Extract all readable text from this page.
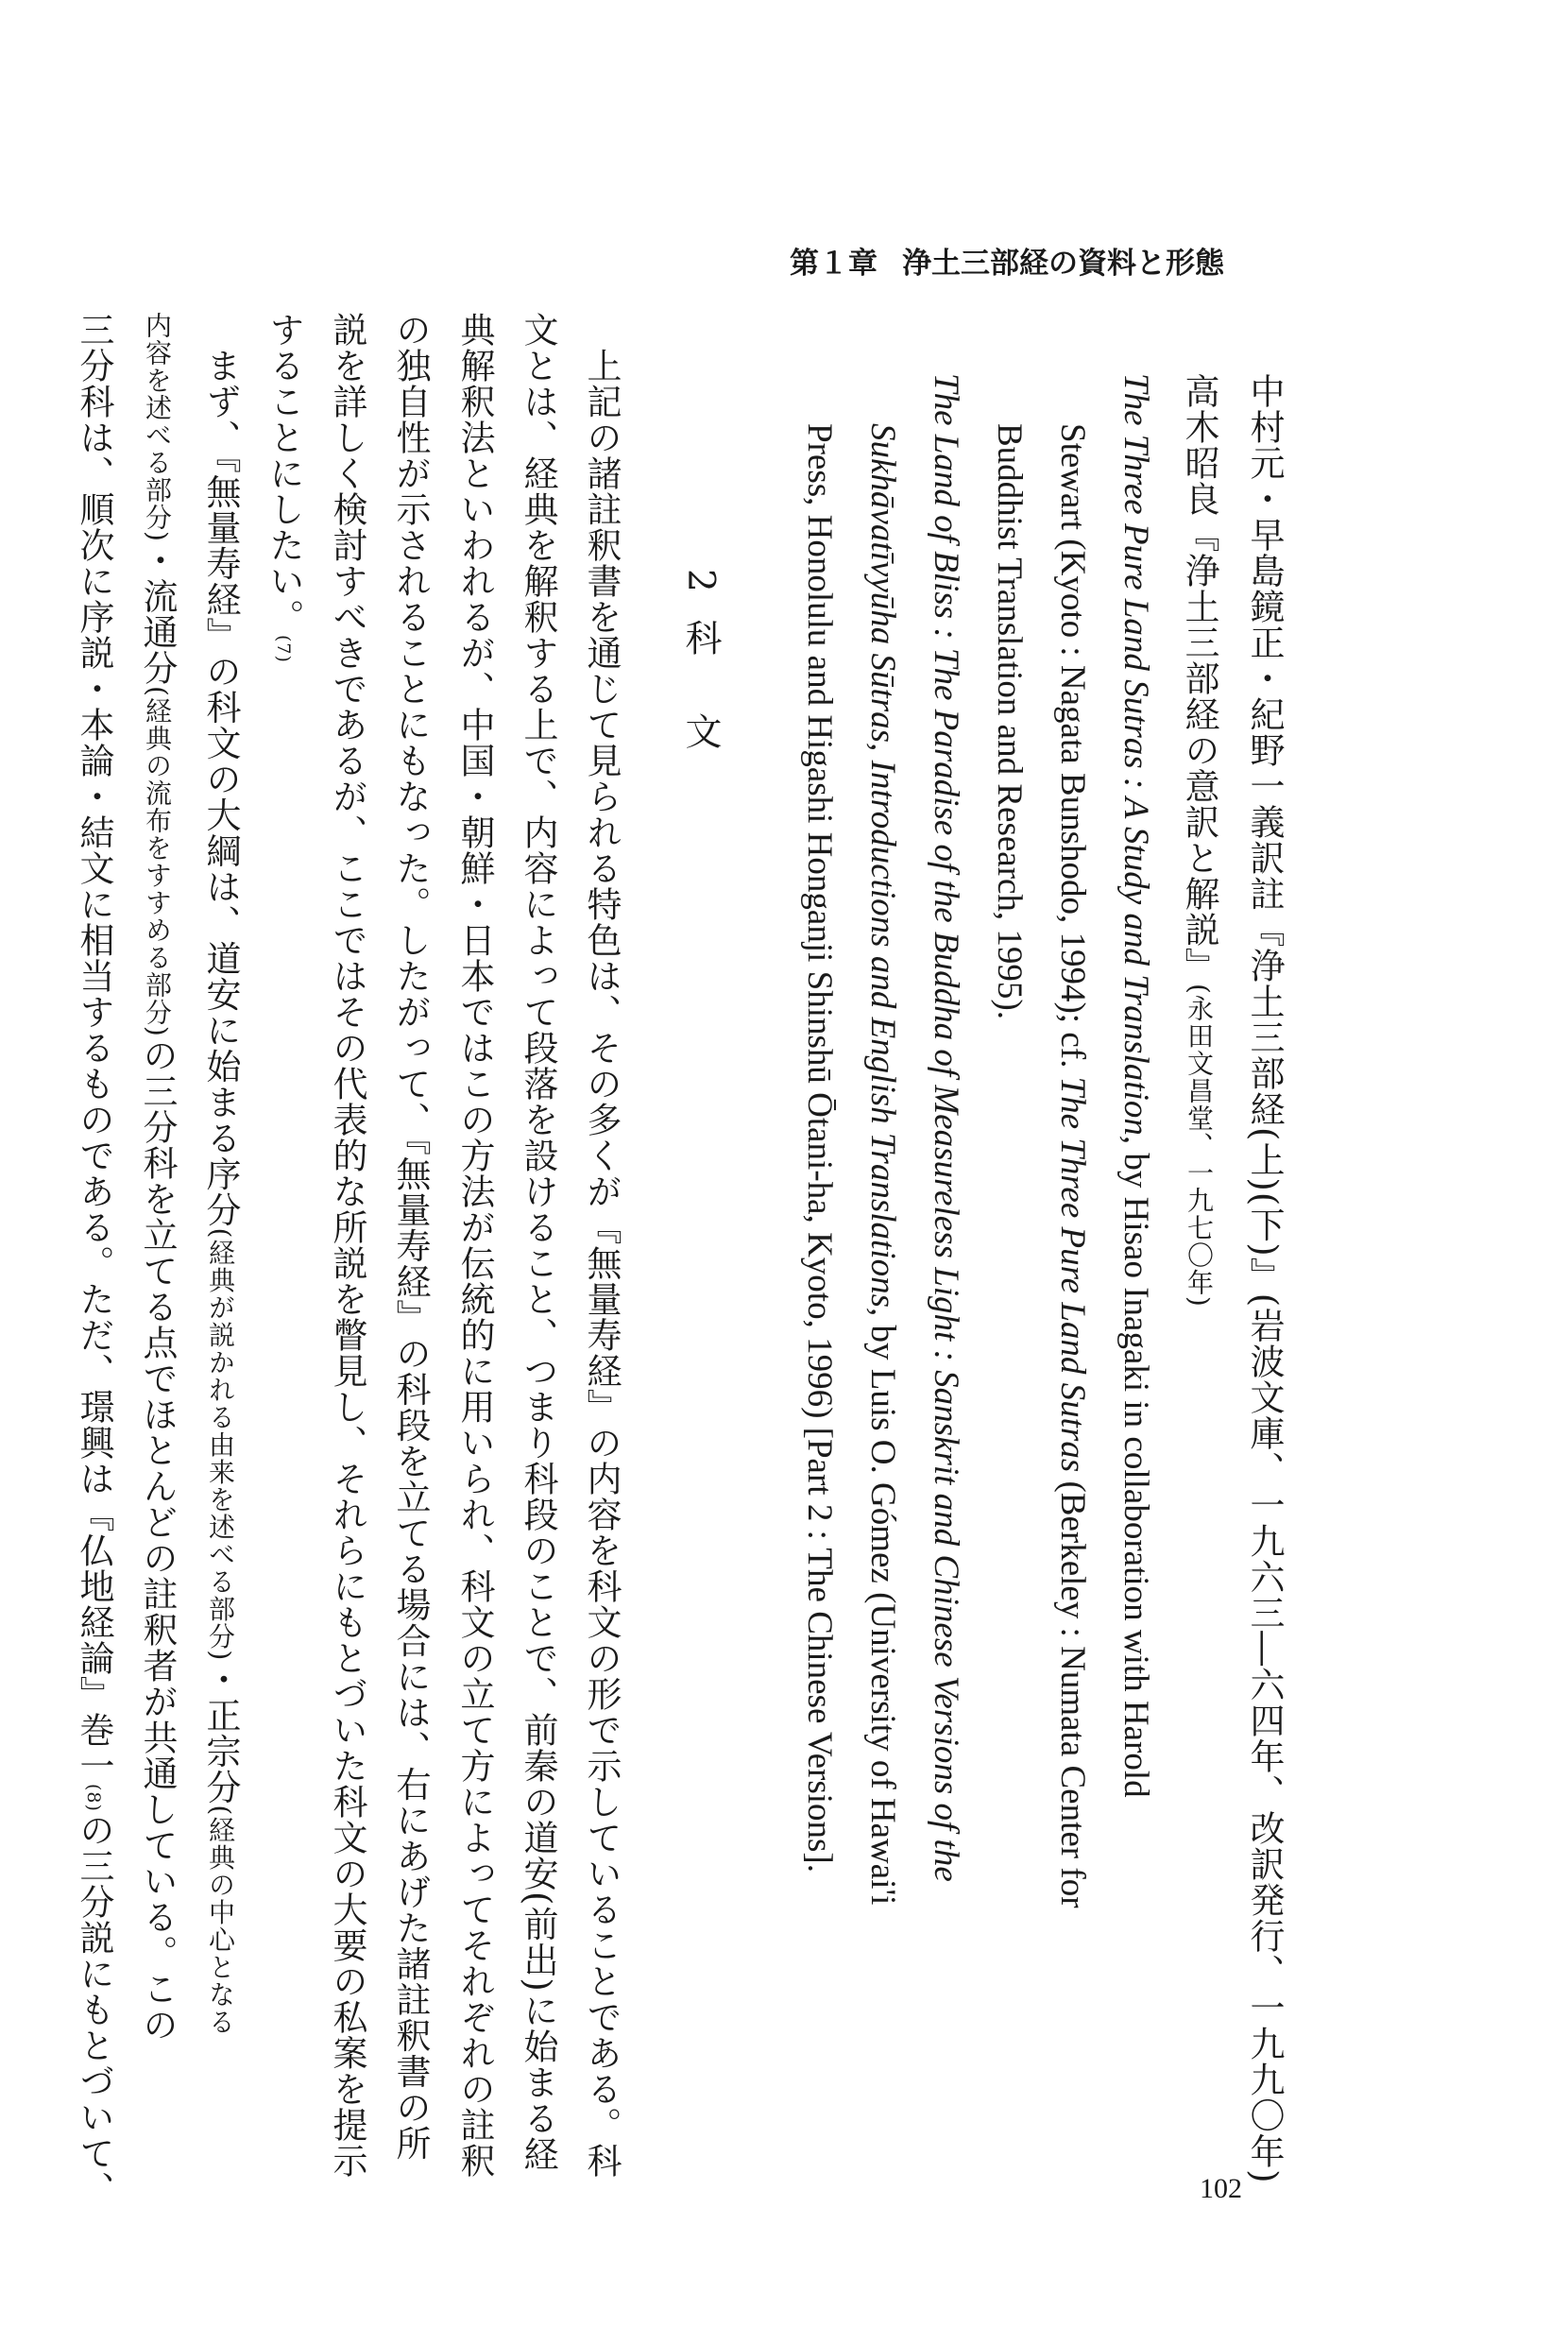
第１章 浄土三部経の資料と形態
中村元・早島鏡正・紀野一義訳註『浄土三部経(上)(下)』(岩波文庫、一九六三―六四年、改訳発行、一九九〇年)
高木昭良『浄土三部経の意訳と解説』(永田文昌堂、一九七〇年)
The Three Pure Land Sutras : A Study and Translation, by Hisao Inagaki in collaboration with Harold
Stewart (Kyoto : Nagata Bunshodo, 1994); cf. The Three Pure Land Sutras (Berkeley : Numata Center for
Buddhist Translation and Research, 1995).
The Land of Bliss : The Paradise of the Buddha of Measureless Light : Sanskrit and Chinese Versions of the
Sukhāvatīvyūha Sūtras, Introductions and English Translations, by Luis O. Gómez (University of Hawai'i
Press, Honolulu and Higashi Honganji Shinshū Ōtani-ha, Kyoto, 1996) [Part 2 : The Chinese Versions].
2科文
上記の諸註釈書を通じて見られる特色は、その多くが『無量寿経』の内容を科文の形で示していることである。科
文とは、経典を解釈する上で、内容によって段落を設けること、つまり科段のことで、前秦の道安(前出)に始まる経
典解釈法といわれるが、中国・朝鮮・日本ではこの方法が伝統的に用いられ、科文の立て方によってそれぞれの註釈
の独自性が示されることにもなった。したがって、『無量寿経』の科段を立てる場合には、右にあげた諸註釈書の所
説を詳しく検討すべきであるが、ここではその代表的な所説を瞥見し、それらにもとづいた科文の大要の私案を提示
することにしたい。(7)
まず、『無量寿経』の科文の大綱は、道安に始まる序分(経典が説かれる由来を述べる部分)・正宗分(経典の中心となる
内容を述べる部分)・流通分(経典の流布をすすめる部分)の三分科を立てる点でほとんどの註釈者が共通している。この
三分科は、順次に序説・本論・結文に相当するものである。ただ、璟興は『仏地経論』巻一(8)の三分説にもとづいて、	102
